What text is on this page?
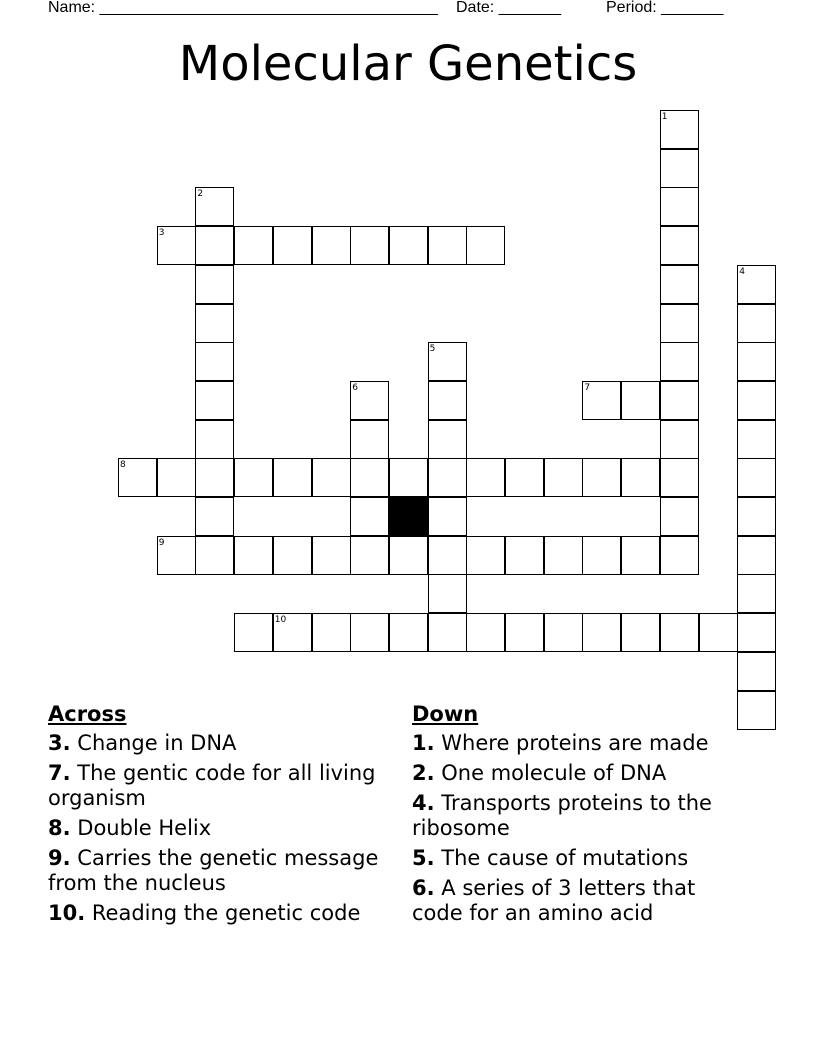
Name: ______________________________________ Date: _______	Period: _______
Molecular Genetics
1
2
3
4
5
6	7
8
9
10
Across
3. Change in DNA
7. The gentic code for all living organism
8. Double Helix
9. Carries the genetic message from the nucleus
10. Reading the genetic code
Down
1. Where proteins are made
2. One molecule of DNA
4. Transports proteins to the ribosome
5. The cause of mutations
6. A series of 3 letters that code for an amino acid
